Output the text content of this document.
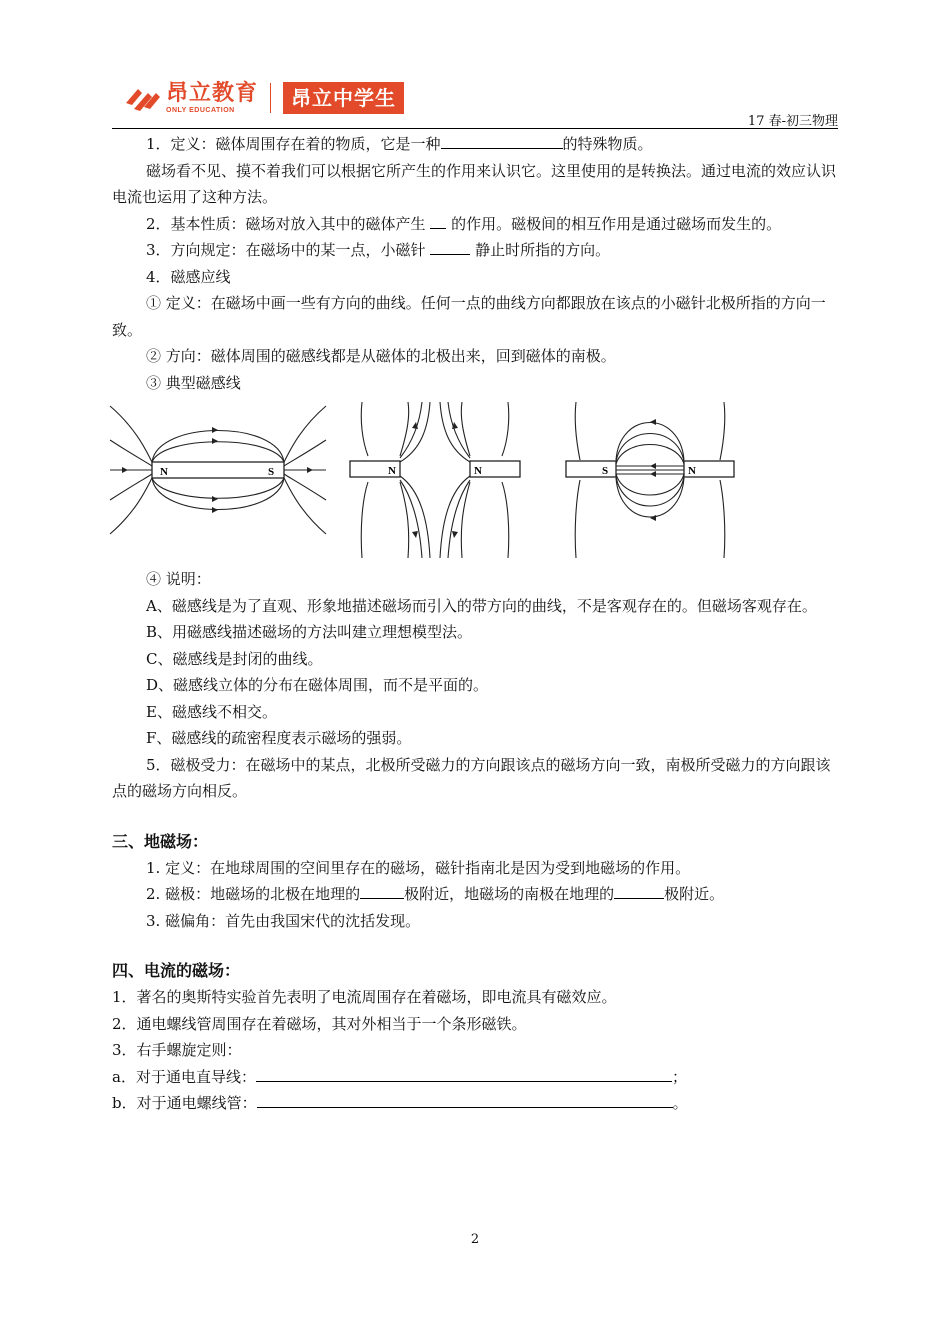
昂立教育
ONLY EDUCATION	昂立中学生
17 春-初三物理

1．定义：磁体周围存在着的物质，它是一种	的特殊物质。

磁场看不见、摸不着我们可以根据它所产生的作用来认识它。这里使用的是转换法。通过电流的效应认识电流也运用了这种方法。

2．基本性质：磁场对放入其中的磁体产生 的作用。磁极间的相互作用是通过磁场而发生的。

3．方向规定：在磁场中的某一点，小磁针	静止时所指的方向。

4．磁感应线

① 定义：在磁场中画一些有方向的曲线。任何一点的曲线方向都跟放在该点的小磁针北极所指的方向一致。

② 方向：磁体周围的磁感线都是从磁体的北极出来，回到磁体的南极。

③ 典型磁感线

N	S	N	N	S	N

④ 说明：

A、磁感线是为了直观、形象地描述磁场而引入的带方向的曲线，不是客观存在的。但磁场客观存在。

B、用磁感线描述磁场的方法叫建立理想模型法。

C、磁感线是封闭的曲线。

D、磁感线立体的分布在磁体周围，而不是平面的。

E、磁感线不相交。

F、磁感线的疏密程度表示磁场的强弱。

5．磁极受力：在磁场中的某点，北极所受磁力的方向跟该点的磁场方向一致，南极所受磁力的方向跟该点的磁场方向相反。

三、地磁场：

1. 定义：在地球周围的空间里存在的磁场，磁针指南北是因为受到地磁场的作用。

2. 磁极：地磁场的北极在地理的	极附近，地磁场的南极在地理的	极附近。

3. 磁偏角：首先由我国宋代的沈括发现。

四、电流的磁场：

1．著名的奥斯特实验首先表明了电流周围存在着磁场，即电流具有磁效应。

2．通电螺线管周围存在着磁场，其对外相当于一个条形磁铁。

3．右手螺旋定则：

a．对于通电直导线：	；

b．对于通电螺线管：	。

2
